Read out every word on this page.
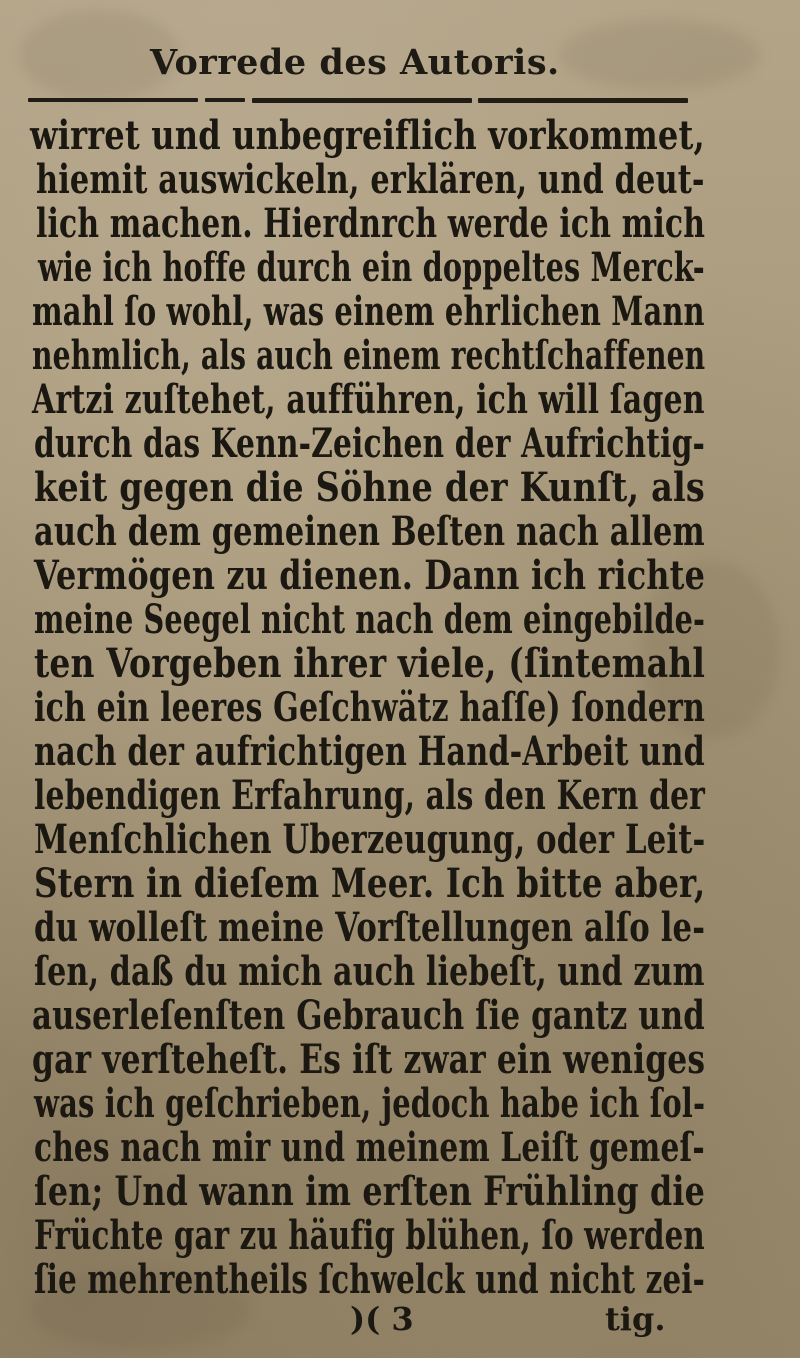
Vorrede des Autoris.
wirret und unbegreiflich vorkommet,
hiemit auswickeln, erklären, und deut-
lich machen. Hierdnrch werde ich mich
wie ich hoffe durch ein doppeltes Merck-
mahl ſo wohl, was einem ehrlichen Mann
nehmlich, als auch einem rechtſchaffenen
Artzi zuſtehet, aufführen, ich will ſagen
durch das Kenn-Zeichen der Aufrichtig-
keit gegen die Söhne der Kunſt, als
auch dem gemeinen Beſten nach allem
Vermögen zu dienen. Dann ich richte
meine Seegel nicht nach dem eingebilde-
ten Vorgeben ihrer viele, (ſintemahl
ich ein leeres Geſchwätz haſſe) ſondern
nach der aufrichtigen Hand-Arbeit und
lebendigen Erfahrung, als den Kern der
Menſchlichen Uberzeugung, oder Leit-
Stern in dieſem Meer. Ich bitte aber,
du wolleſt meine Vorſtellungen alſo le-
ſen, daß du mich auch liebeſt, und zum
auserleſenſten Gebrauch ſie gantz und
gar verſteheſt. Es iſt zwar ein weniges
was ich geſchrieben, jedoch habe ich ſol-
ches nach mir und meinem Leiſt gemeſ-
ſen; Und wann im erſten Frühling die
Früchte gar zu häufig blühen, ſo werden
ſie mehrentheils ſchwelck und nicht zei-
)( 3	tig.
